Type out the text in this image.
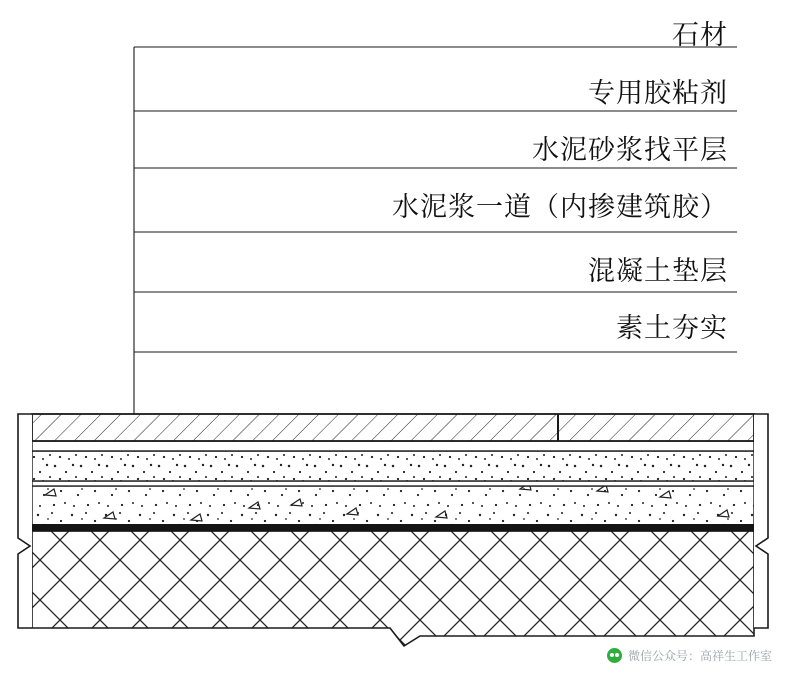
石材
专用胶粘剂
水泥砂浆找平层
水泥浆一道（内掺建筑胶）
混凝土垫层
素土夯实
微信公众号：高祥生工作室
